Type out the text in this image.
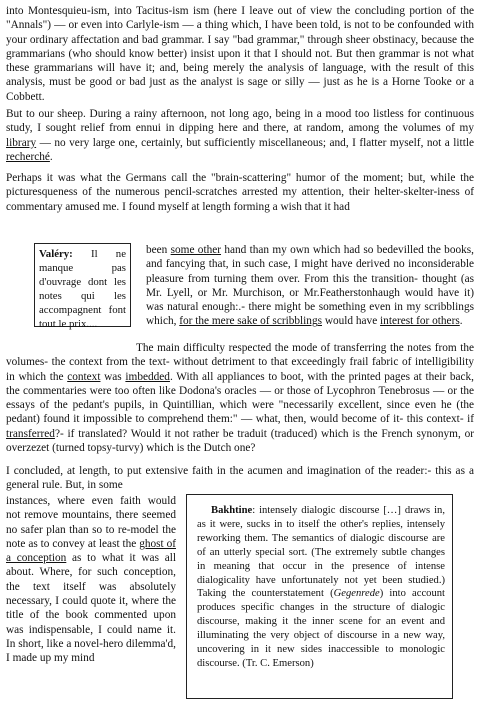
into Montesquieu-ism, into Tacitus-ism ism (here I leave out of view the concluding portion of the "Annals") — or even into Carlyle-ism — a thing which, I have been told, is not to be confounded with your ordinary affectation and bad grammar. I say "bad grammar," through sheer obstinacy, because the grammarians (who should know better) insist upon it that I should not. But then grammar is not what these grammarians will have it; and, being merely the analysis of language, with the result of this analysis, must be good or bad just as the analyst is sage or silly — just as he is a Horne Tooke or a Cobbett.
But to our sheep. During a rainy afternoon, not long ago, being in a mood too listless for continuous study, I sought relief from ennui in dipping here and there, at random, among the volumes of my library — no very large one, certainly, but sufficiently miscellaneous; and, I flatter myself, not a little recherché.
Perhaps it was what the Germans call the "brain-scattering" humor of the moment; but, while the picturesqueness of the numerous pencil-scratches arrested my attention, their helter-skelter-iness of commentary amused me. I found myself at length forming a wish that it had
Valéry: Il ne manque pas d'ouvrage dont les notes qui les accompagnent font tout le prix....
been some other hand than my own which had so bedevilled the books, and fancying that, in such case, I might have derived no inconsiderable pleasure from turning them over. From this the transition- thought (as Mr. Lyell, or Mr. Murchison, or Mr.Featherstonhaugh would have it) was natural enough:.- there might be something even in my scribblings which, for the mere sake of scribblings would have interest for others.
The main difficulty respected the mode of transferring the notes from the volumes- the context from the text- without detriment to that exceedingly frail fabric of intelligibility in which the context was imbedded. With all appliances to boot, with the printed pages at their back, the commentaries were too often like Dodona's oracles — or those of Lycophron Tenebrosus — or the essays of the pedant's pupils, in Quintillian, which were "necessarily excellent, since even he (the pedant) found it impossible to comprehend them:" — what, then, would become of it- this context- if transferred?- if translated? Would it not rather be traduit (traduced) which is the French synonym, or overzezet (turned topsy-turvy) which is the Dutch one?
I concluded, at length, to put extensive faith in the acumen and imagination of the reader:- this as a general rule. But, in some
instances, where even faith would not remove mountains, there seemed no safer plan than so to re-model the note as to convey at least the ghost of a conception as to what it was all about. Where, for such conception, the text itself was absolutely necessary, I could quote it, where the title of the book commented upon was indispensable, I could name it. In short, like a novel-hero dilemma'd, I made up my mind
Bakhtine: intensely dialogic discourse […] draws in, as it were, sucks in to itself the other's replies, intensely reworking them. The semantics of dialogic discourse are of an utterly special sort. (The extremely subtle changes in meaning that occur in the presence of intense dialogicality have unfortunately not yet been studied.) Taking the counterstatement (Gegenrede) into account produces specific changes in the structure of dialogic discourse, making it the inner scene for an event and illuminating the very object of discourse in a new way, uncovering in it new sides inaccessible to monologic discourse. (Tr. C. Emerson)
